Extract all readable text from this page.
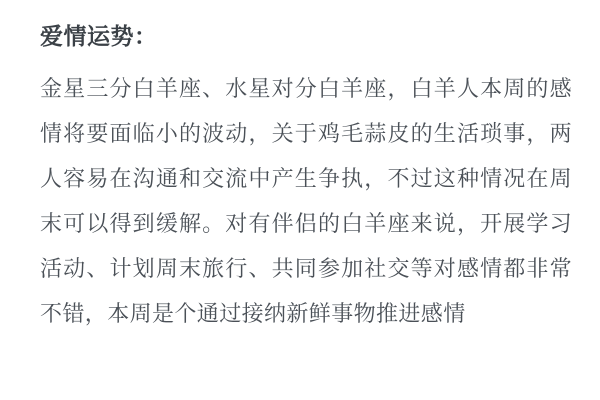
爱情运势：

金星三分白羊座、水星对分白羊座，白羊人本周的感情将要面临小的波动，关于鸡毛蒜皮的生活琐事，两人容易在沟通和交流中产生争执，不过这种情况在周末可以得到缓解。对有伴侣的白羊座来说，开展学习活动、计划周末旅行、共同参加社交等对感情都非常不错，本周是个通过接纳新鲜事物推进感情
